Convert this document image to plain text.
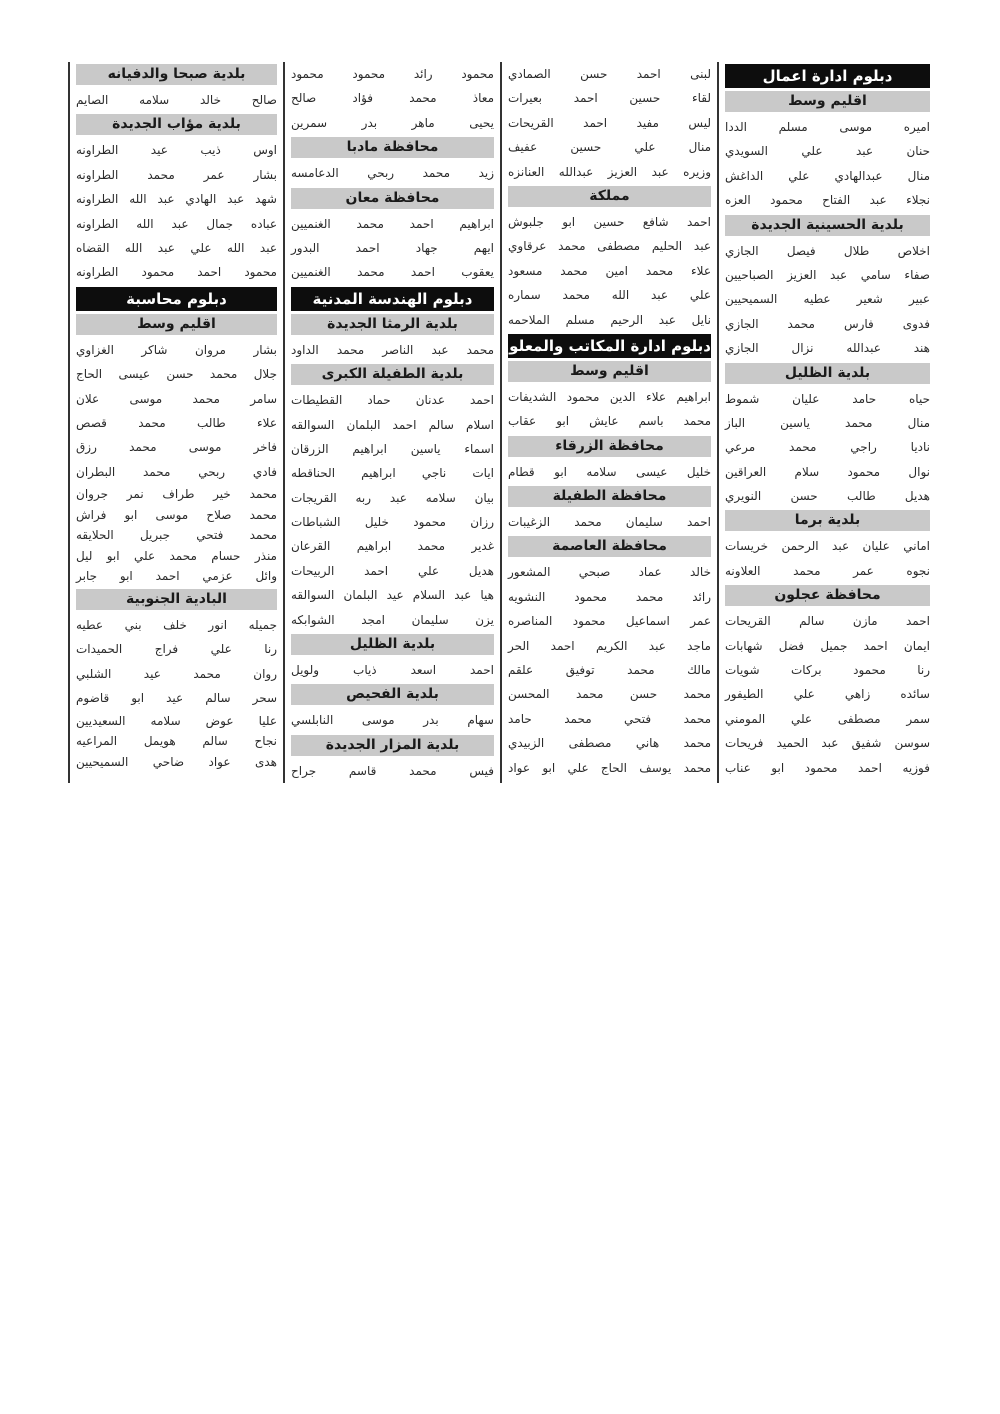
دبلوم ادارة اعمال
اقليم وسط
اميره موسى مسلم الددا
حنان عبد علي السويدي
منال عبدالهادي علي الداغش
نجلاء عبد الفتاح محمود العزه
بلدية الحسينية الجديدة
اخلاص طلال فيصل الجازي
صفاء سامي عبد العزيز الصباحيين
عبير شعير عطيه السميحيين
فدوى فارس محمد الجازي
هند عبدالله نزال الجازي
بلدية الظليل
حياه حامد عليان شموط
منال محمد ياسين الباز
ناديا راجي محمد مرعي
نوال محمود سلام العراقين
هديل طالب حسن النويري
بلدية برما
اماني عليان عبد الرحمن خريسات
نجوه عمر محمد العلاونه
محافظة عجلون
احمد مازن سالم القريحات
ايمان احمد جميل فضل شهابات
رنا محمود بركات شويات
سائده زاهي علي الطيفور
سمر مصطفى علي المومني
سوسن شفيق عبد الحميد فريحات
فوزيه احمد محمود ابو عناب
لبنى احمد حسن الصمادي
لقاء حسين احمد بعيرات
ليس مفيد احمد القريحات
منال علي حسين عفيف
وزيره عبد العزيز عبدالله العنانزه
مملكة
احمد شافع حسين ابو جلبوش
عبد الحليم مصطفى محمد عرقاوي
علاء محمد امين محمد مسعود
علي عبد الله محمد سماره
نايل عبد الرحيم مسلم الملاحمه
دبلوم ادارة المكاتب والمعلومات
اقليم وسط
ابراهيم علاء الدين محمود الشديفات
محمد باسم عايش ابو عقاب
محافظة الزرقاء
خليل عيسى سلامه ابو قطام
محافظة الطفيلة
احمد سليمان محمد الزغيبات
محافظة العاصمة
خالد عماد صبحي المشعور
رائد محمد محمود النشويه
عمر اسماعيل محمود المناصره
ماجد عبد الكريم احمد الحر
مالك محمد توفيق علقم
محمد حسن محمد المحسن
محمد فتحي محمد حامد
محمد هاني مصطفى الزبيدي
محمد يوسف الحاج علي ابو عواد
محمود رائد محمود محمود
معاذ محمد فؤاد صالح
يحيى ماهر بدر سمرين
محافظة مادبا
زيد محمد ربحي الدعامسه
محافظة معان
ابراهيم احمد محمد الغنميين
ايهم جهاد احمد البدور
يعقوب احمد محمد الغنميين
دبلوم الهندسة المدنية
بلدية الرمثا الجديدة
محمد عبد الناصر محمد الداود
بلدية الطفيلة الكبرى
احمد عدنان حماد القطيطات
اسلام سالم احمد البلمان السوالقه
اسماء ياسين ابراهيم الزرقان
ايات ناجي ابراهيم الحناقطه
بيان سلامه عبد ربه القريجات
رزان محمود خليل الشباطات
غدير محمد ابراهيم القرعان
هديل علي احمد الربيحات
هيا عبد السلام عيد البلمان السوالقه
يزن سليمان امجد الشوابكه
بلدية الظليل
احمد اسعد ذياب ولويل
بلدية الفحيص
سهام بدر موسى النابلسي
بلدية المزار الجديدة
فيس محمد قاسم جراح
بلدية صبحا والدفيانه
صالح خالد سلامه الصايم
بلدية مؤاب الجديدة
اوس ذيب عيد الطراونه
بشار عمر محمد الطراونه
شهد عبد الهادي عبد الله الطراونه
عباده جمال عبد الله الطراونه
عبد الله علي عبد الله القضاه
محمود احمد محمود الطراونه
دبلوم محاسبة
اقليم وسط
بشار مروان شاكر الغزاوي
جلال محمد حسن عيسى الحاج
سامر محمد موسى علان
علاء طالب محمد قصص
فاخر موسى محمد رزق
فادي ربحي محمد البطران
محمد خير طراف نمر جروان
محمد صلاح موسى ابو فراش
محمد فتحي جبريل الحلايقه
منذر حسام محمد علي ابو ليل
وائل عزمي احمد ابو جابر
البادية الجنوبية
جميله انور خلف بني عطيه
رنا علي فراج الحميدات
روان محمد عيد الشلبي
سحر سالم عيد ابو قاضوم
عليا عوض سلامه السعيديين
نجاح سالم هويمل المراعيه
هدى عواد ضاحي السميحيين
